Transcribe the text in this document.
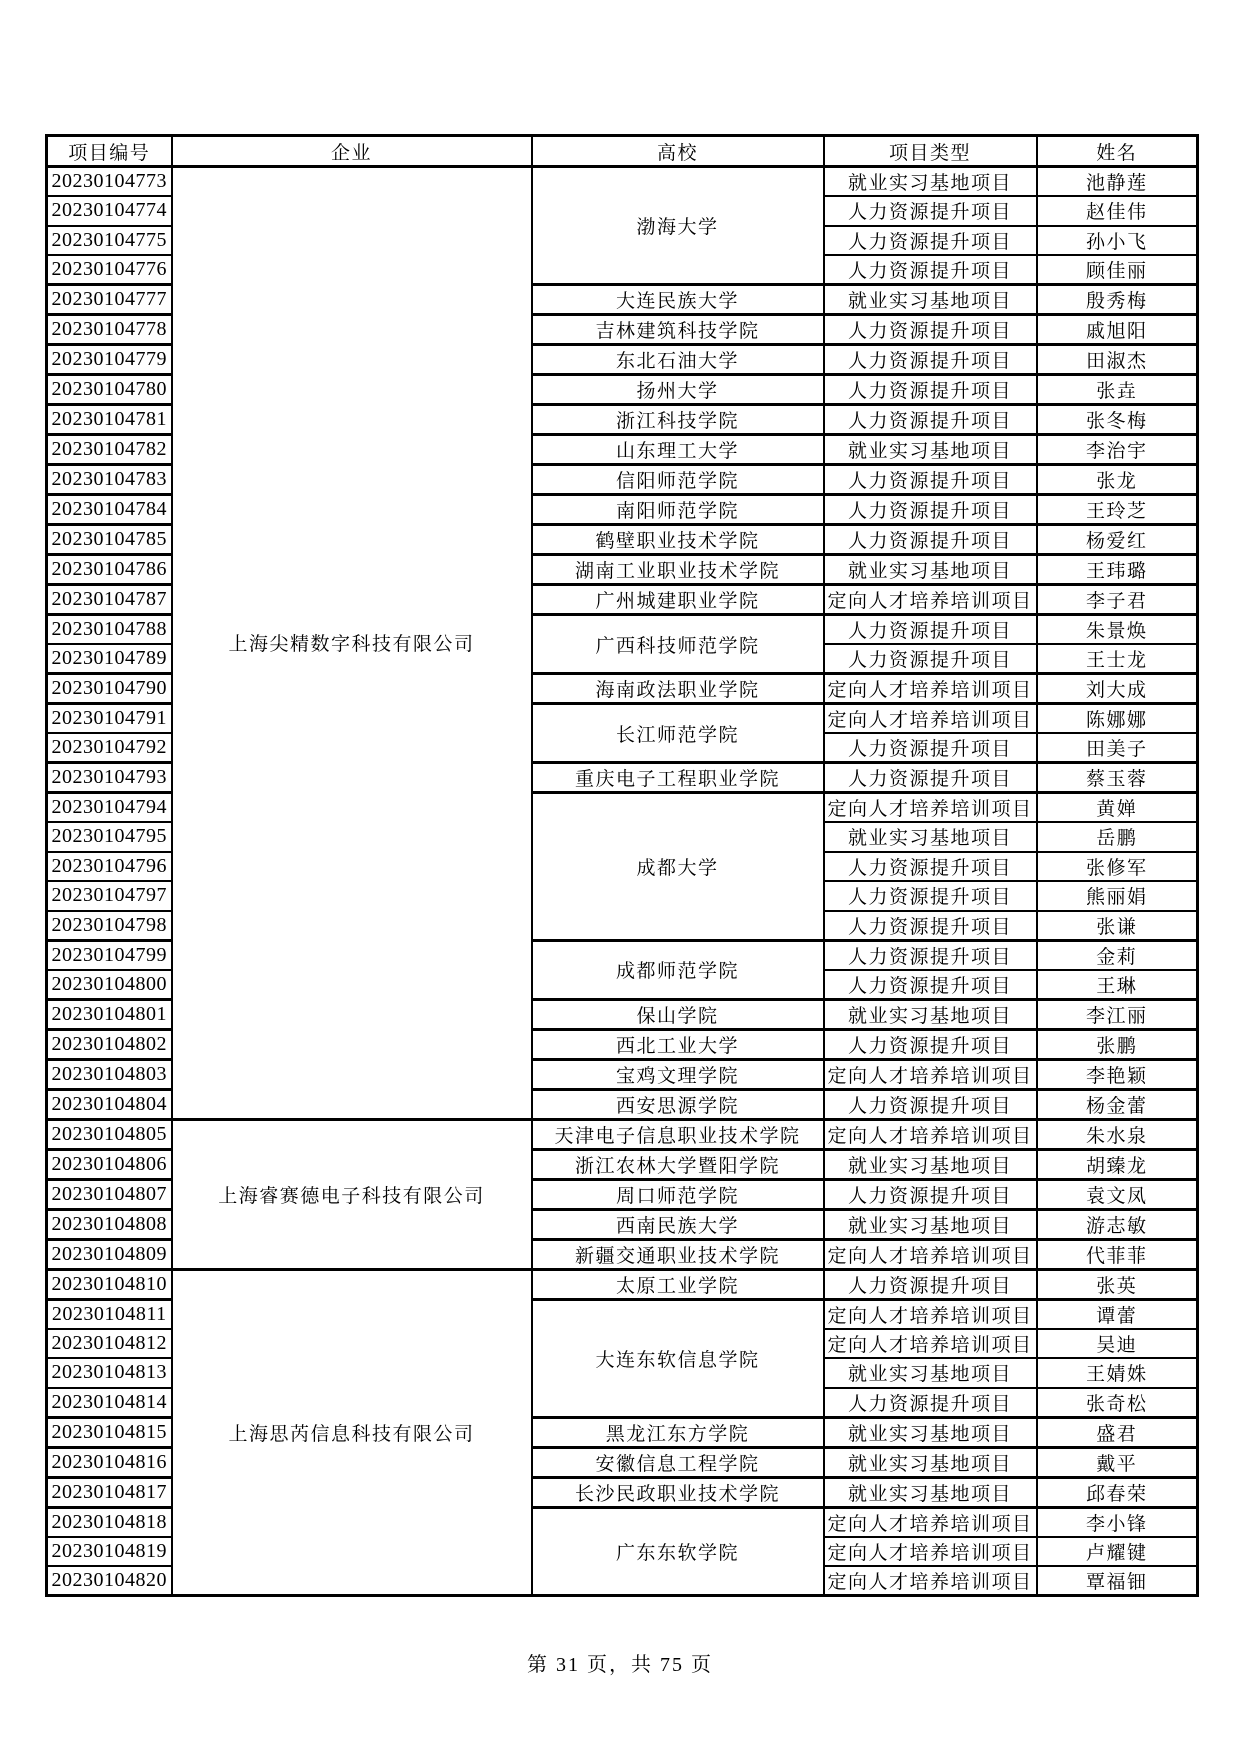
项目编号	企业	高校	项目类型	姓名
20230104773	上海尖精数字科技有限公司	渤海大学	就业实习基地项目	池静莲
20230104774			人力资源提升项目	赵佳伟
20230104775			人力资源提升项目	孙小飞
20230104776			人力资源提升项目	顾佳丽
20230104777		大连民族大学	就业实习基地项目	殷秀梅
20230104778		吉林建筑科技学院	人力资源提升项目	戚旭阳
20230104779		东北石油大学	人力资源提升项目	田淑杰
20230104780		扬州大学	人力资源提升项目	张垚
20230104781		浙江科技学院	人力资源提升项目	张冬梅
20230104782		山东理工大学	就业实习基地项目	李治宇
20230104783		信阳师范学院	人力资源提升项目	张龙
20230104784		南阳师范学院	人力资源提升项目	王玲芝
20230104785		鹤壁职业技术学院	人力资源提升项目	杨爱红
20230104786		湖南工业职业技术学院	就业实习基地项目	王玮璐
20230104787		广州城建职业学院	定向人才培养培训项目	李子君
20230104788		广西科技师范学院	人力资源提升项目	朱景焕
20230104789			人力资源提升项目	王士龙
20230104790		海南政法职业学院	定向人才培养培训项目	刘大成
20230104791		长江师范学院	定向人才培养培训项目	陈娜娜
20230104792			人力资源提升项目	田美子
20230104793		重庆电子工程职业学院	人力资源提升项目	蔡玉蓉
20230104794		成都大学	定向人才培养培训项目	黄婵
20230104795			就业实习基地项目	岳鹏
20230104796			人力资源提升项目	张修军
20230104797			人力资源提升项目	熊丽娟
20230104798			人力资源提升项目	张谦
20230104799		成都师范学院	人力资源提升项目	金莉
20230104800			人力资源提升项目	王琳
20230104801		保山学院	就业实习基地项目	李江丽
20230104802		西北工业大学	人力资源提升项目	张鹏
20230104803		宝鸡文理学院	定向人才培养培训项目	李艳颖
20230104804		西安思源学院	人力资源提升项目	杨金蕾
20230104805	上海睿赛德电子科技有限公司	天津电子信息职业技术学院	定向人才培养培训项目	朱水泉
20230104806		浙江农林大学暨阳学院	就业实习基地项目	胡臻龙
20230104807		周口师范学院	人力资源提升项目	袁文凤
20230104808		西南民族大学	就业实习基地项目	游志敏
20230104809		新疆交通职业技术学院	定向人才培养培训项目	代菲菲
20230104810	上海思芮信息科技有限公司	太原工业学院	人力资源提升项目	张英
20230104811		大连东软信息学院	定向人才培养培训项目	谭蕾
20230104812			定向人才培养培训项目	吴迪
20230104813			就业实习基地项目	王婧姝
20230104814			人力资源提升项目	张奇松
20230104815		黑龙江东方学院	就业实习基地项目	盛君
20230104816		安徽信息工程学院	就业实习基地项目	戴平
20230104817		长沙民政职业技术学院	就业实习基地项目	邱春荣
20230104818		广东东软学院	定向人才培养培训项目	李小锋
20230104819			定向人才培养培训项目	卢耀键
20230104820			定向人才培养培训项目	覃福钿
第 31 页，共 75 页
